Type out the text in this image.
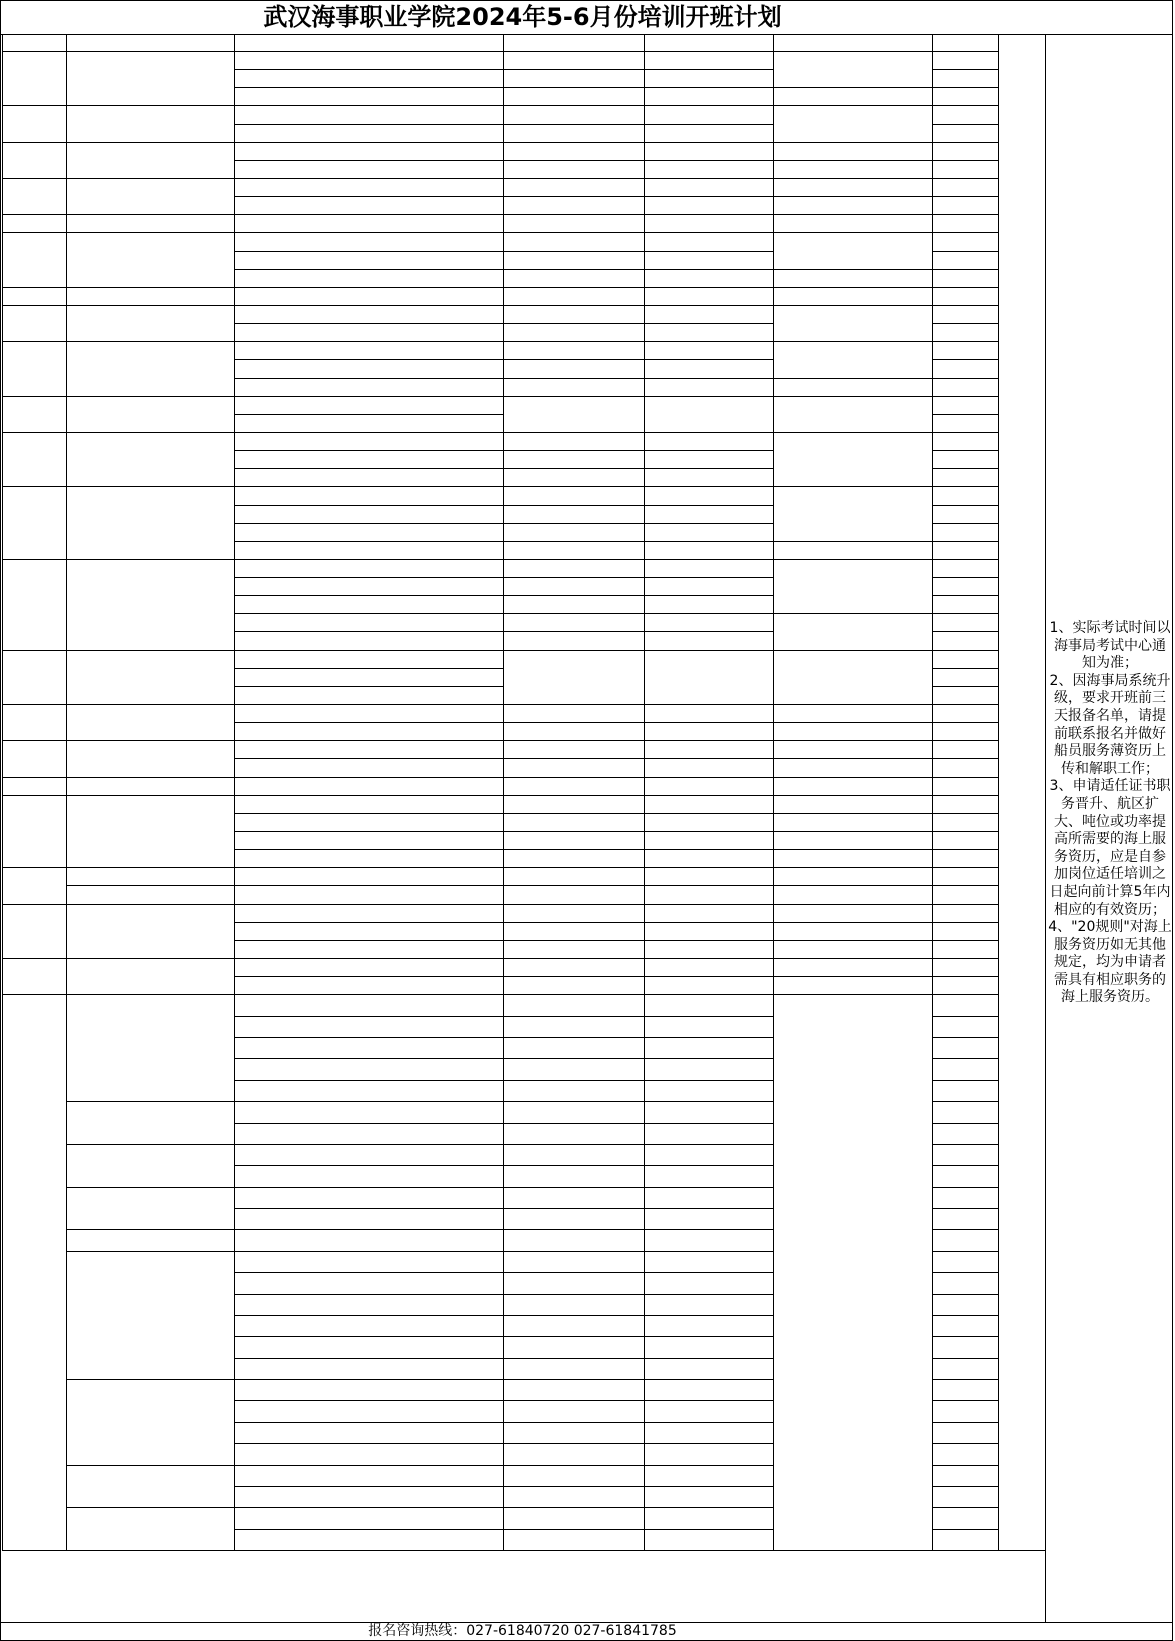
武汉海事职业学院2024年5-6月份培训开班计划
1、实际考试时间以海事局考试中心通知为准；
2、因海事局系统升级，要求开班前三天报备名单，请提前联系报名并做好船员服务薄资历上传和解职工作；
3、申请适任证书职务晋升、航区扩大、吨位或功率提高所需要的海上服务资历，应是自参加岗位适任培训之日起向前计算5年内相应的有效资历；
4、"20规则"对海上服务资历如无其他规定，均为申请者需具有相应职务的海上服务资历。
报名咨询热线：027-61840720 027-61841785
